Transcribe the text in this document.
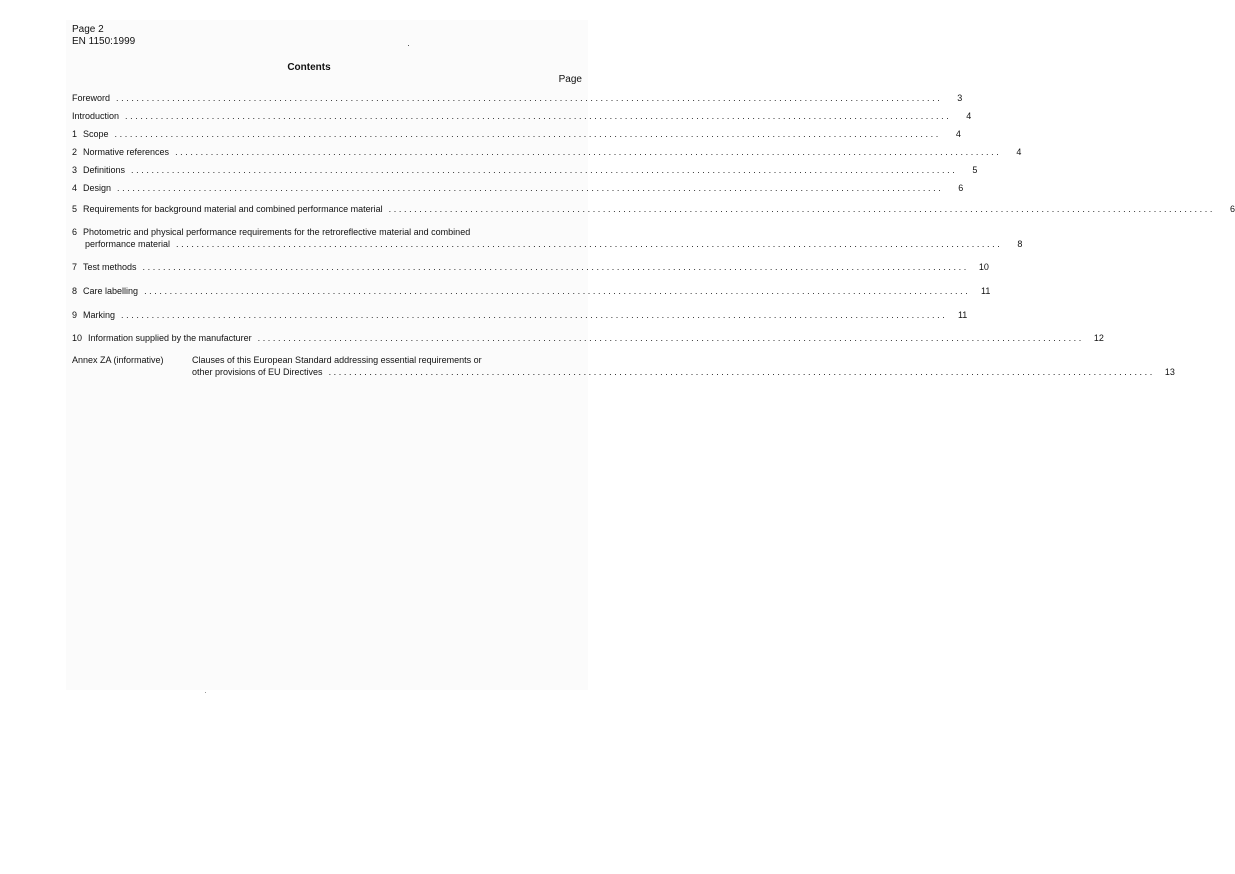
Page 2
EN 1150:1999
Contents
Page
Foreword ..................................................................................................................................................................	3
Introduction ..................................................................................................................................................................	4
1 Scope ..................................................................................................................................................................	4
2 Normative references ..................................................................................................................................................................	4
3 Definitions ..................................................................................................................................................................	5
4 Design ..................................................................................................................................................................	6
5 Requirements for background material and combined performance material ..................................................................................................................................................................	6
6 Photometric and physical performance requirements for the retroreflective material and combined
performance material ..................................................................................................................................................................	8
7 Test methods ..................................................................................................................................................................	10
8 Care labelling ..................................................................................................................................................................	11
9 Marking ..................................................................................................................................................................	11
10 Information supplied by the manufacturer ..................................................................................................................................................................	12
Annex ZA (informative)	Clauses of this European Standard addressing essential requirements or
other provisions of EU Directives ..................................................................................................................................................................	13
